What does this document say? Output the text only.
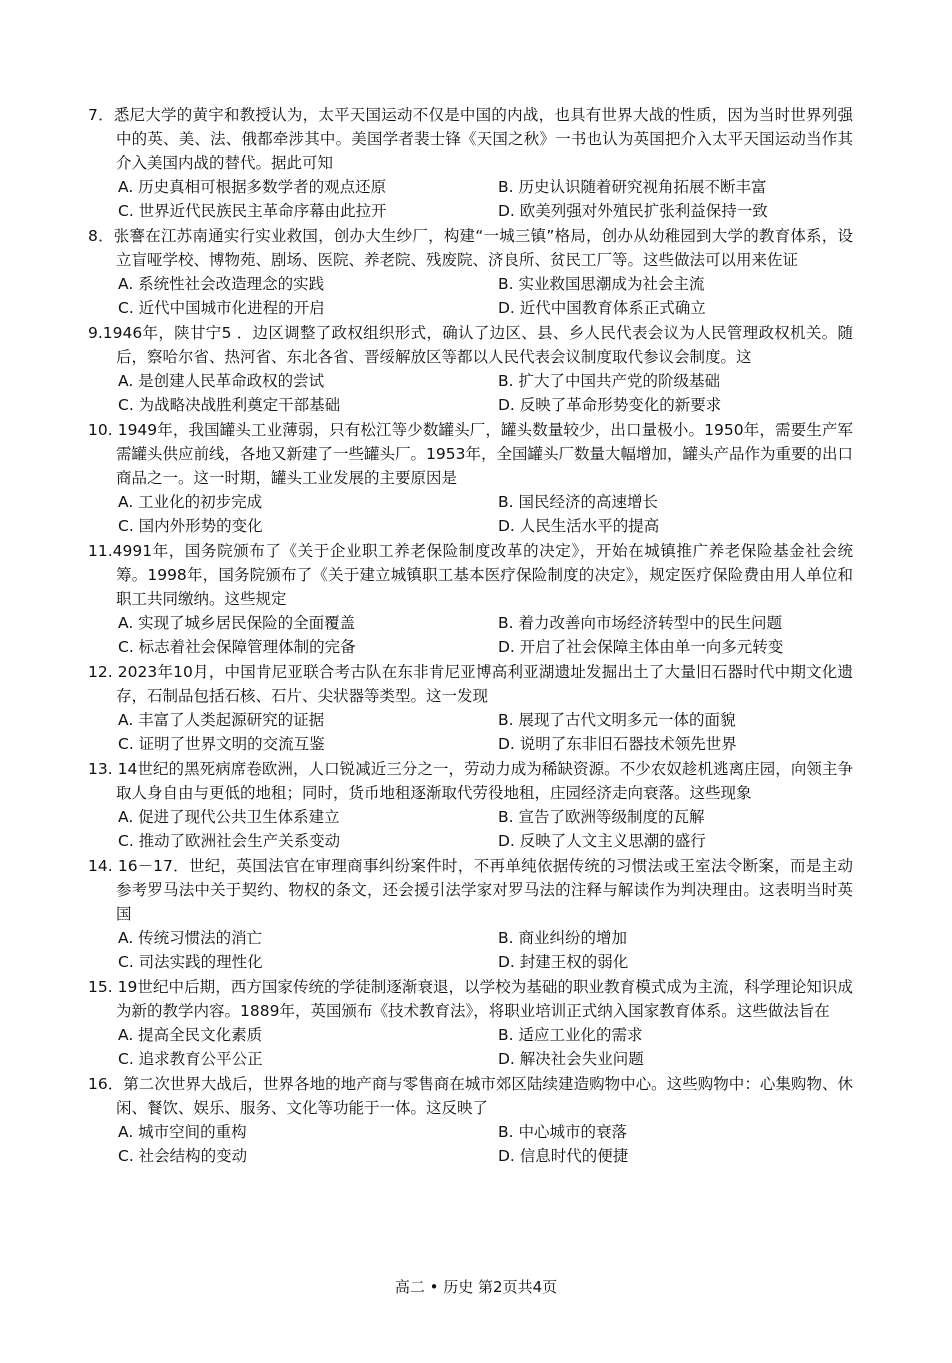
7．悉尼大学的黄宇和教授认为，太平天国运动不仅是中国的内战，也具有世界大战的性质，因为当时世界列强中的英、美、法、俄都牵涉其中。美国学者裴士锋《天国之秋》一书也认为英国把介入太平天国运动当作其介入美国内战的替代。据此可知

A. 历史真相可根据多数学者的观点还原	B. 历史认识随着研究视角拓展不断丰富
C. 世界近代民族民主革命序幕由此拉开	D. 欧美列强对外殖民扩张利益保持一致

8．张謇在江苏南通实行实业救国，创办大生纱厂，构建“一城三镇”格局，创办从幼稚园到大学的教育体系，设立盲哑学校、博物苑、剧场、医院、养老院、残废院、济良所、贫民工厂等。这些做法可以用来佐证

A. 系统性社会改造理念的实践	B. 实业救国思潮成为社会主流
C. 近代中国城市化进程的开启	D. 近代中国教育体系正式确立

9.1946年，陕甘宁5 ．边区调整了政权组织形式，确认了边区、县、乡人民代表会议为人民管理政权机关。随后，察哈尔省、热河省、东北各省、晋绥解放区等都以人民代表会议制度取代参议会制度。这

A. 是创建人民革命政权的尝试	B. 扩大了中国共产党的阶级基础
C. 为战略决战胜利奠定干部基础	D. 反映了革命形势变化的新要求

10. 1949年，我国罐头工业薄弱，只有松江等少数罐头厂，罐头数量较少，出口量极小。1950年，需要生产军需罐头供应前线，各地又新建了一些罐头厂。1953年，全国罐头厂数量大幅增加，罐头产品作为重要的出口商品之一。这一时期，罐头工业发展的主要原因是

A. 工业化的初步完成	B. 国民经济的高速增长
C. 国内外形势的变化	D. 人民生活水平的提高

11.4991年，国务院颁布了《关于企业职工养老保险制度改革的决定》，开始在城镇推广养老保险基金社会统筹。1998年，国务院颁布了《关于建立城镇职工基本医疗保险制度的决定》，规定医疗保险费由用人单位和职工共同缴纳。这些规定

A. 实现了城乡居民保险的全面覆盖	B. 着力改善向市场经济转型中的民生问题
C. 标志着社会保障管理体制的完备	D. 开启了社会保障主体由单一向多元转变

12. 2023年10月，中国肯尼亚联合考古队在东非肯尼亚博高利亚湖遗址发掘出土了大量旧石器时代中期文化遗存，石制品包括石核、石片、尖状器等类型。这一发现

A. 丰富了人类起源研究的证据	B. 展现了古代文明多元一体的面貌
C. 证明了世界文明的交流互鉴	D. 说明了东非旧石器技术领先世界

13. 14世纪的黑死病席卷欧洲，人口锐减近三分之一，劳动力成为稀缺资源。不少农奴趁机逃离庄园，向领主争取人身自由与更低的地租；同时，货币地租逐渐取代劳役地租，庄园经济走向衰落。这些现象

A. 促进了现代公共卫生体系建立	B. 宣告了欧洲等级制度的瓦解
C. 推动了欧洲社会生产关系变动	D. 反映了人文主义思潮的盛行

14. 16－17．世纪，英国法官在审理商事纠纷案件时，不再单纯依据传统的习惯法或王室法令断案，而是主动参考罗马法中关于契约、物权的条文，还会援引法学家对罗马法的注释与解读作为判决理由。这表明当时英国

A. 传统习惯法的消亡	B. 商业纠纷的增加
C. 司法实践的理性化	D. 封建王权的弱化

15. 19世纪中后期，西方国家传统的学徒制逐渐衰退，以学校为基础的职业教育模式成为主流，科学理论知识成为新的教学内容。1889年，英国颁布《技术教育法》，将职业培训正式纳入国家教育体系。这些做法旨在

A. 提高全民文化素质	B. 适应工业化的需求
C. 追求教育公平公正	D. 解决社会失业问题

16．第二次世界大战后，世界各地的地产商与零售商在城市郊区陆续建造购物中心。这些购物中：心集购物、休闲、餐饮、娱乐、服务、文化等功能于一体。这反映了

A. 城市空间的重构	B. 中心城市的衰落
C. 社会结构的变动	D. 信息时代的便捷
高二 • 历史 第2页共4页
